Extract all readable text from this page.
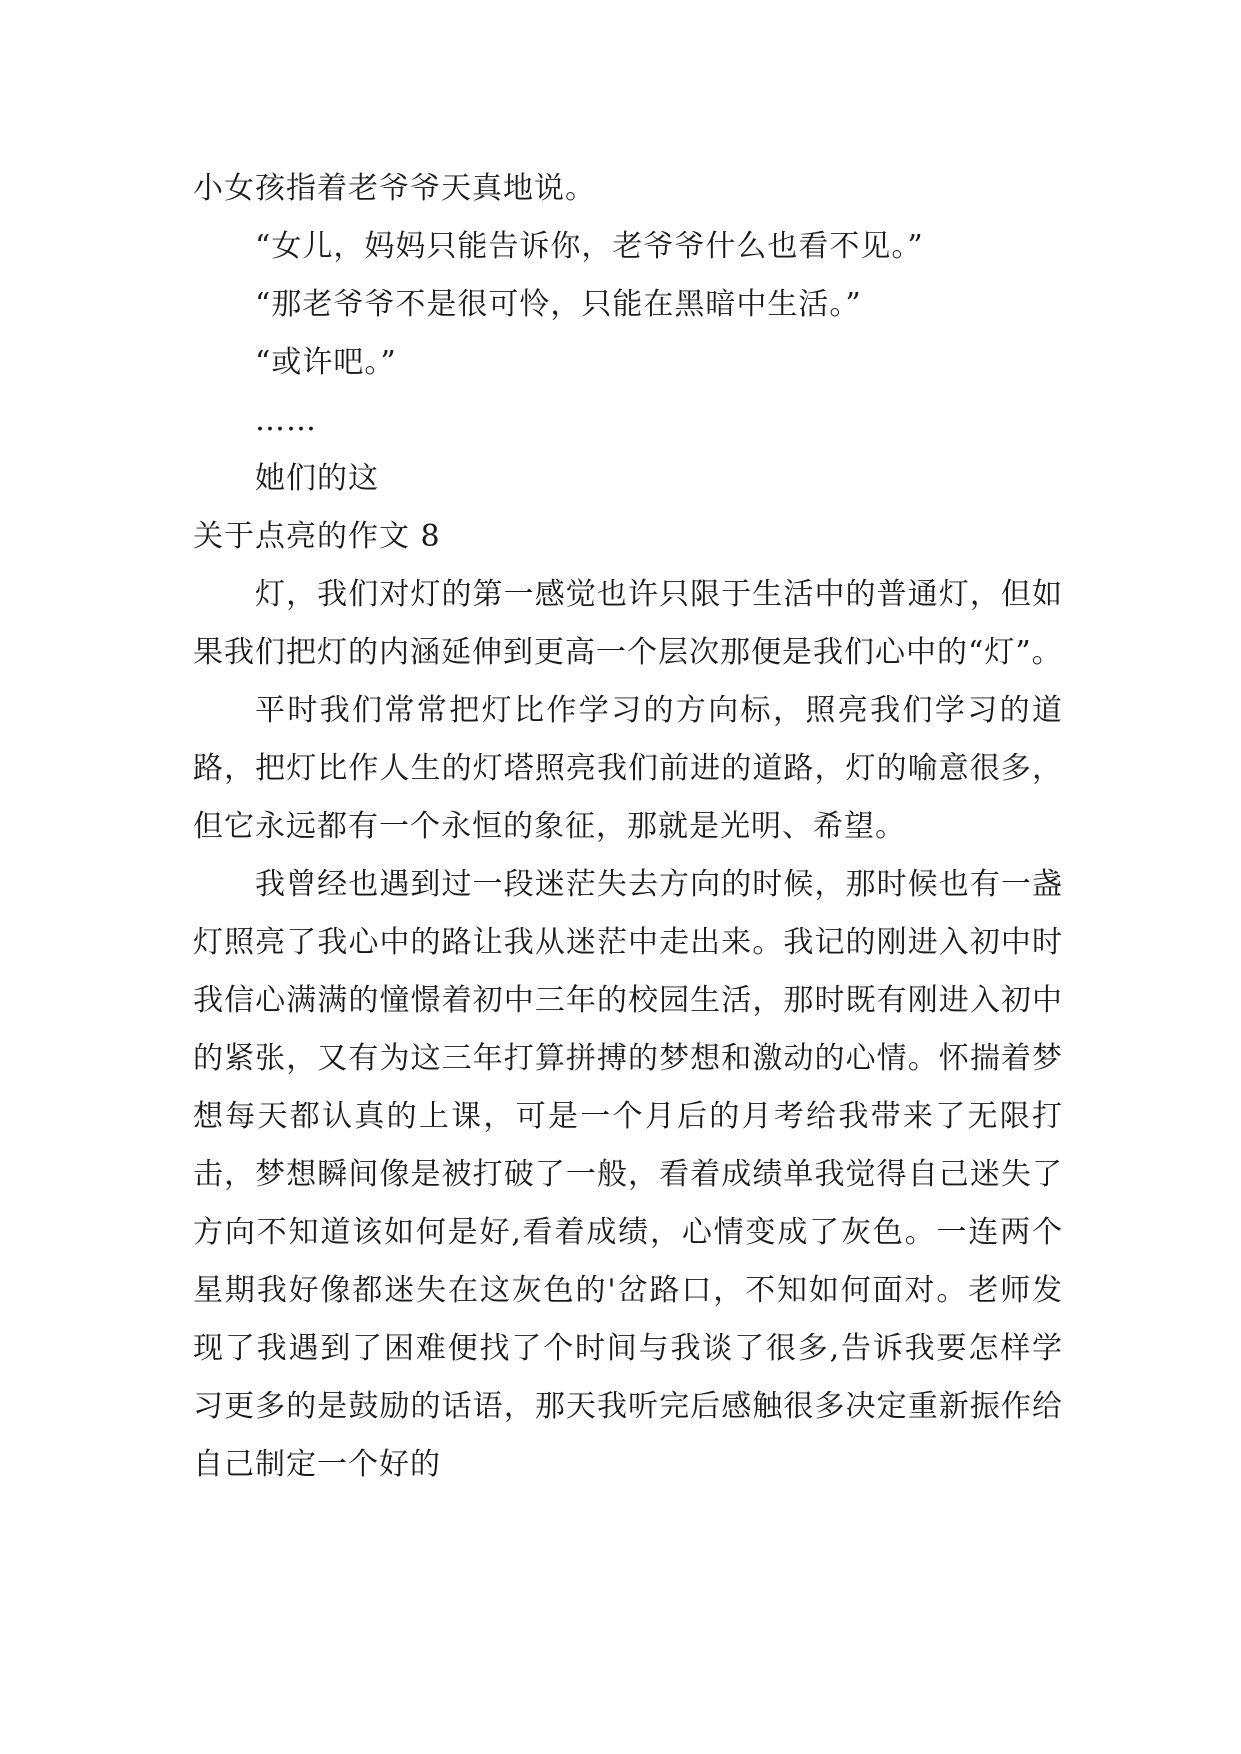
小女孩指着老爷爷天真地说。

“女儿，妈妈只能告诉你，老爷爷什么也看不见。”

“那老爷爷不是很可怜，只能在黑暗中生活。”

“或许吧。”

……

她们的这

关于点亮的作文 8

灯，我们对灯的第一感觉也许只限于生活中的普通灯，但如果我们把灯的内涵延伸到更高一个层次那便是我们心中的“灯”。

平时我们常常把灯比作学习的方向标，照亮我们学习的道路，把灯比作人生的灯塔照亮我们前进的道路，灯的喻意很多，但它永远都有一个永恒的象征，那就是光明、希望。

我曾经也遇到过一段迷茫失去方向的时候，那时候也有一盏灯照亮了我心中的路让我从迷茫中走出来。我记的刚进入初中时我信心满满的憧憬着初中三年的校园生活，那时既有刚进入初中的紧张，又有为这三年打算拼搏的梦想和激动的心情。怀揣着梦想每天都认真的上课，可是一个月后的月考给我带来了无限打击，梦想瞬间像是被打破了一般，看着成绩单我觉得自己迷失了方向不知道该如何是好,看着成绩，心情变成了灰色。一连两个星期我好像都迷失在这灰色的'岔路口，不知如何面对。老师发现了我遇到了困难便找了个时间与我谈了很多,告诉我要怎样学习更多的是鼓励的话语，那天我听完后感触很多决定重新振作给自己制定一个好的
